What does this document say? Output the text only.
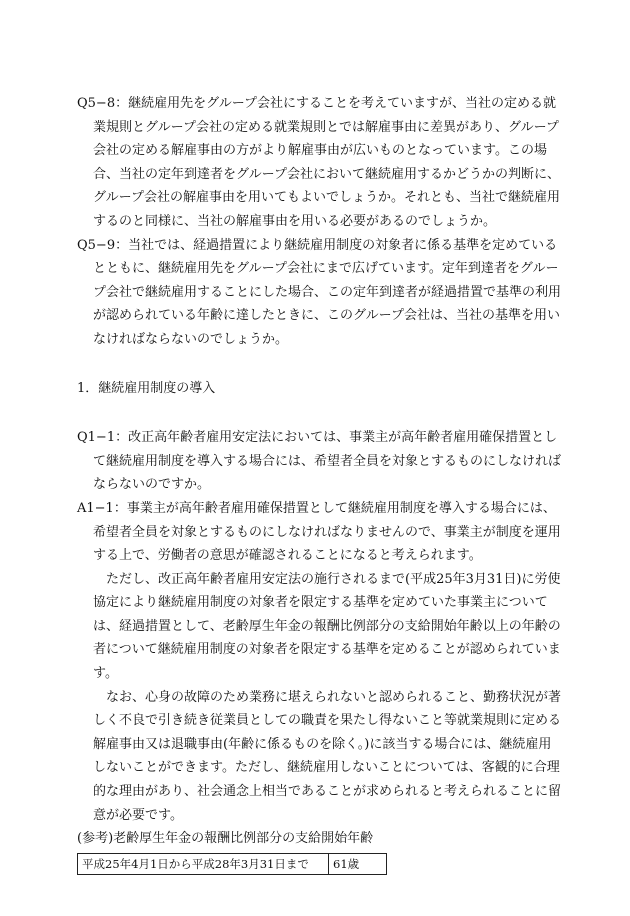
Q5−8：継続雇用先をグループ会社にすることを考えていますが、当社の定める就業規則とグループ会社の定める就業規則とでは解雇事由に差異があり、グループ会社の定める解雇事由の方がより解雇事由が広いものとなっています。この場合、当社の定年到達者をグループ会社において継続雇用するかどうかの判断に、グループ会社の解雇事由を用いてもよいでしょうか。それとも、当社で継続雇用するのと同様に、当社の解雇事由を用いる必要があるのでしょうか。

Q5−9：当社では、経過措置により継続雇用制度の対象者に係る基準を定めているとともに、継続雇用先をグループ会社にまで広げています。定年到達者をグループ会社で継続雇用することにした場合、この定年到達者が経過措置で基準の利用が認められている年齢に達したときに、このグループ会社は、当社の基準を用いなければならないのでしょうか。

1．継続雇用制度の導入

Q1−1：改正高年齢者雇用安定法においては、事業主が高年齢者雇用確保措置として継続雇用制度を導入する場合には、希望者全員を対象とするものにしなければならないのですか。

A1−1：事業主が高年齢者雇用確保措置として継続雇用制度を導入する場合には、希望者全員を対象とするものにしなければなりませんので、事業主が制度を運用する上で、労働者の意思が確認されることになると考えられます。

ただし、改正高年齢者雇用安定法の施行されるまで(平成25年3月31日)に労使協定により継続雇用制度の対象者を限定する基準を定めていた事業主については、経過措置として、老齢厚生年金の報酬比例部分の支給開始年齢以上の年齢の者について継続雇用制度の対象者を限定する基準を定めることが認められています。

なお、心身の故障のため業務に堪えられないと認められること、勤務状況が著しく不良で引き続き従業員としての職責を果たし得ないこと等就業規則に定める解雇事由又は退職事由(年齢に係るものを除く。)に該当する場合には、継続雇用しないことができます。ただし、継続雇用しないことについては、客観的に合理的な理由があり、社会通念上相当であることが求められると考えられることに留意が必要です。

(参考)老齢厚生年金の報酬比例部分の支給開始年齢

平成25年4月1日から平成28年3月31日まで	61歳
